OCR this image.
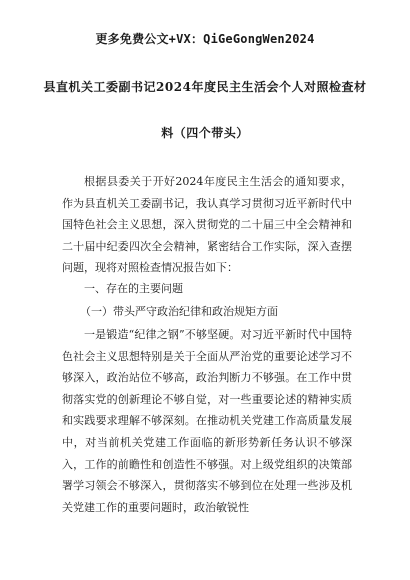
更多免费公文+VX：QiGeGongWen2024
县直机关工委副书记2024年度民主生活会个人对照检查材
料（四个带头）
根据县委关于开好2024年度民主生活会的通知要求，作为县直机关工委副书记，我认真学习贯彻习近平新时代中国特色社会主义思想，深入贯彻党的二十届三中全会精神和二十届中纪委四次全会精神，紧密结合工作实际，深入查摆问题，现将对照检查情况报告如下：
一、存在的主要问题
（一）带头严守政治纪律和政治规矩方面
一是锻造“纪律之钢”不够坚硬。对习近平新时代中国特色社会主义思想特别是关于全面从严治党的重要论述学习不够深入，政治站位不够高，政治判断力不够强。在工作中贯彻落实党的创新理论不够自觉，对一些重要论述的精神实质和实践要求理解不够深刻。在推动机关党建工作高质量发展中，对当前机关党建工作面临的新形势新任务认识不够深入，工作的前瞻性和创造性不够强。对上级党组织的决策部署学习领会不够深入，贯彻落实不够到位在处理一些涉及机关党建工作的重要问题时，政治敏锐性
